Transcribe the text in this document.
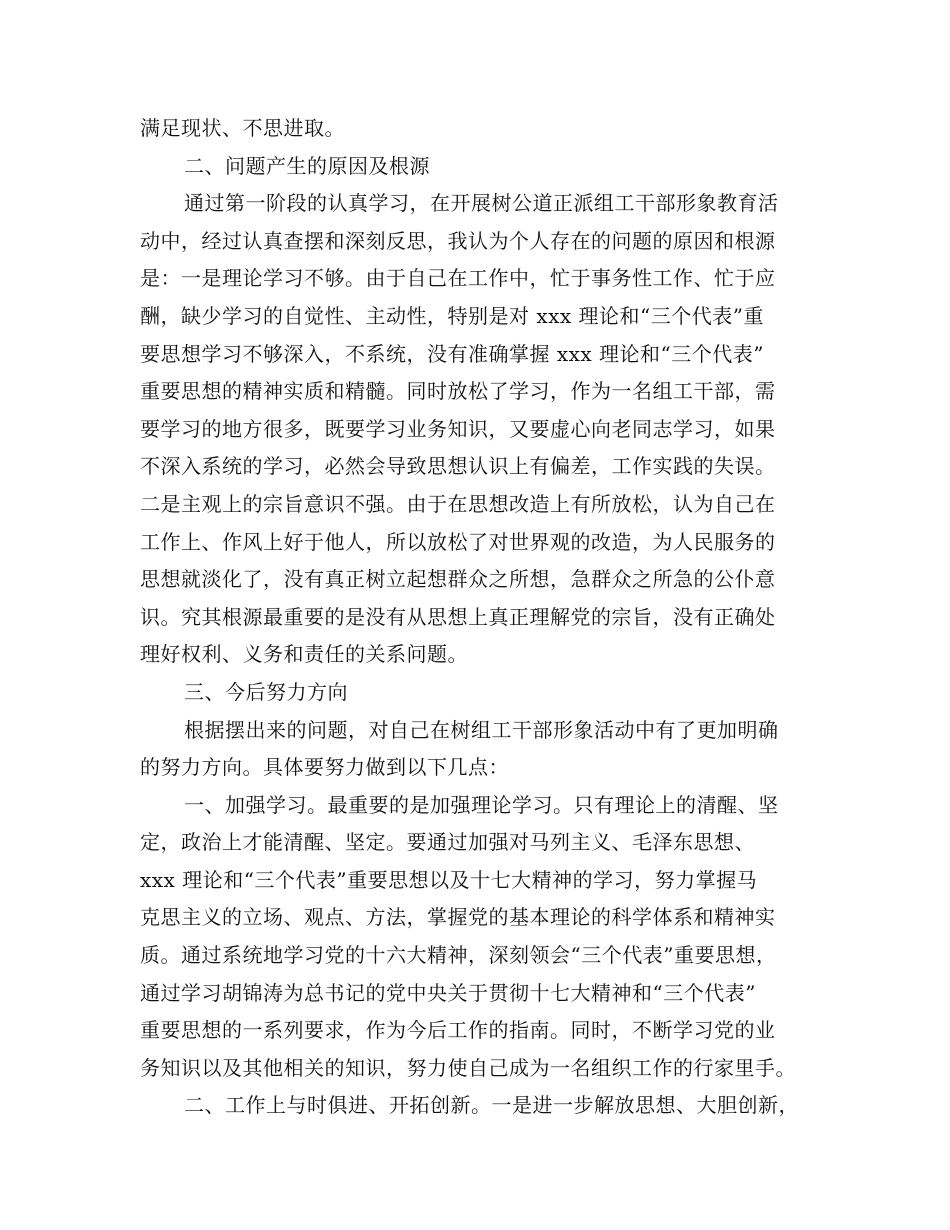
满足现状、不思进取。
二、问题产生的原因及根源
通过第一阶段的认真学习，在开展树公道正派组工干部形象教育活
动中，经过认真查摆和深刻反思，我认为个人存在的问题的原因和根源
是：一是理论学习不够。由于自己在工作中，忙于事务性工作、忙于应
酬，缺少学习的自觉性、主动性，特别是对 xxx 理论和“三个代表”重
要思想学习不够深入，不系统，没有准确掌握 xxx 理论和“三个代表”
重要思想的精神实质和精髓。同时放松了学习，作为一名组工干部，需
要学习的地方很多，既要学习业务知识，又要虚心向老同志学习，如果
不深入系统的学习，必然会导致思想认识上有偏差，工作实践的失误。
二是主观上的宗旨意识不强。由于在思想改造上有所放松，认为自己在
工作上、作风上好于他人，所以放松了对世界观的改造，为人民服务的
思想就淡化了，没有真正树立起想群众之所想，急群众之所急的公仆意
识。究其根源最重要的是没有从思想上真正理解党的宗旨，没有正确处
理好权利、义务和责任的关系问题。
三、今后努力方向
根据摆出来的问题，对自己在树组工干部形象活动中有了更加明确
的努力方向。具体要努力做到以下几点：
一、加强学习。最重要的是加强理论学习。只有理论上的清醒、坚
定，政治上才能清醒、坚定。要通过加强对马列主义、毛泽东思想、
xxx 理论和“三个代表”重要思想以及十七大精神的学习，努力掌握马
克思主义的立场、观点、方法，掌握党的基本理论的科学体系和精神实
质。通过系统地学习党的十六大精神，深刻领会“三个代表”重要思想，
通过学习胡锦涛为总书记的党中央关于贯彻十七大精神和“三个代表”
重要思想的一系列要求，作为今后工作的指南。同时，不断学习党的业
务知识以及其他相关的知识，努力使自己成为一名组织工作的行家里手。
二、工作上与时俱进、开拓创新。一是进一步解放思想、大胆创新，
